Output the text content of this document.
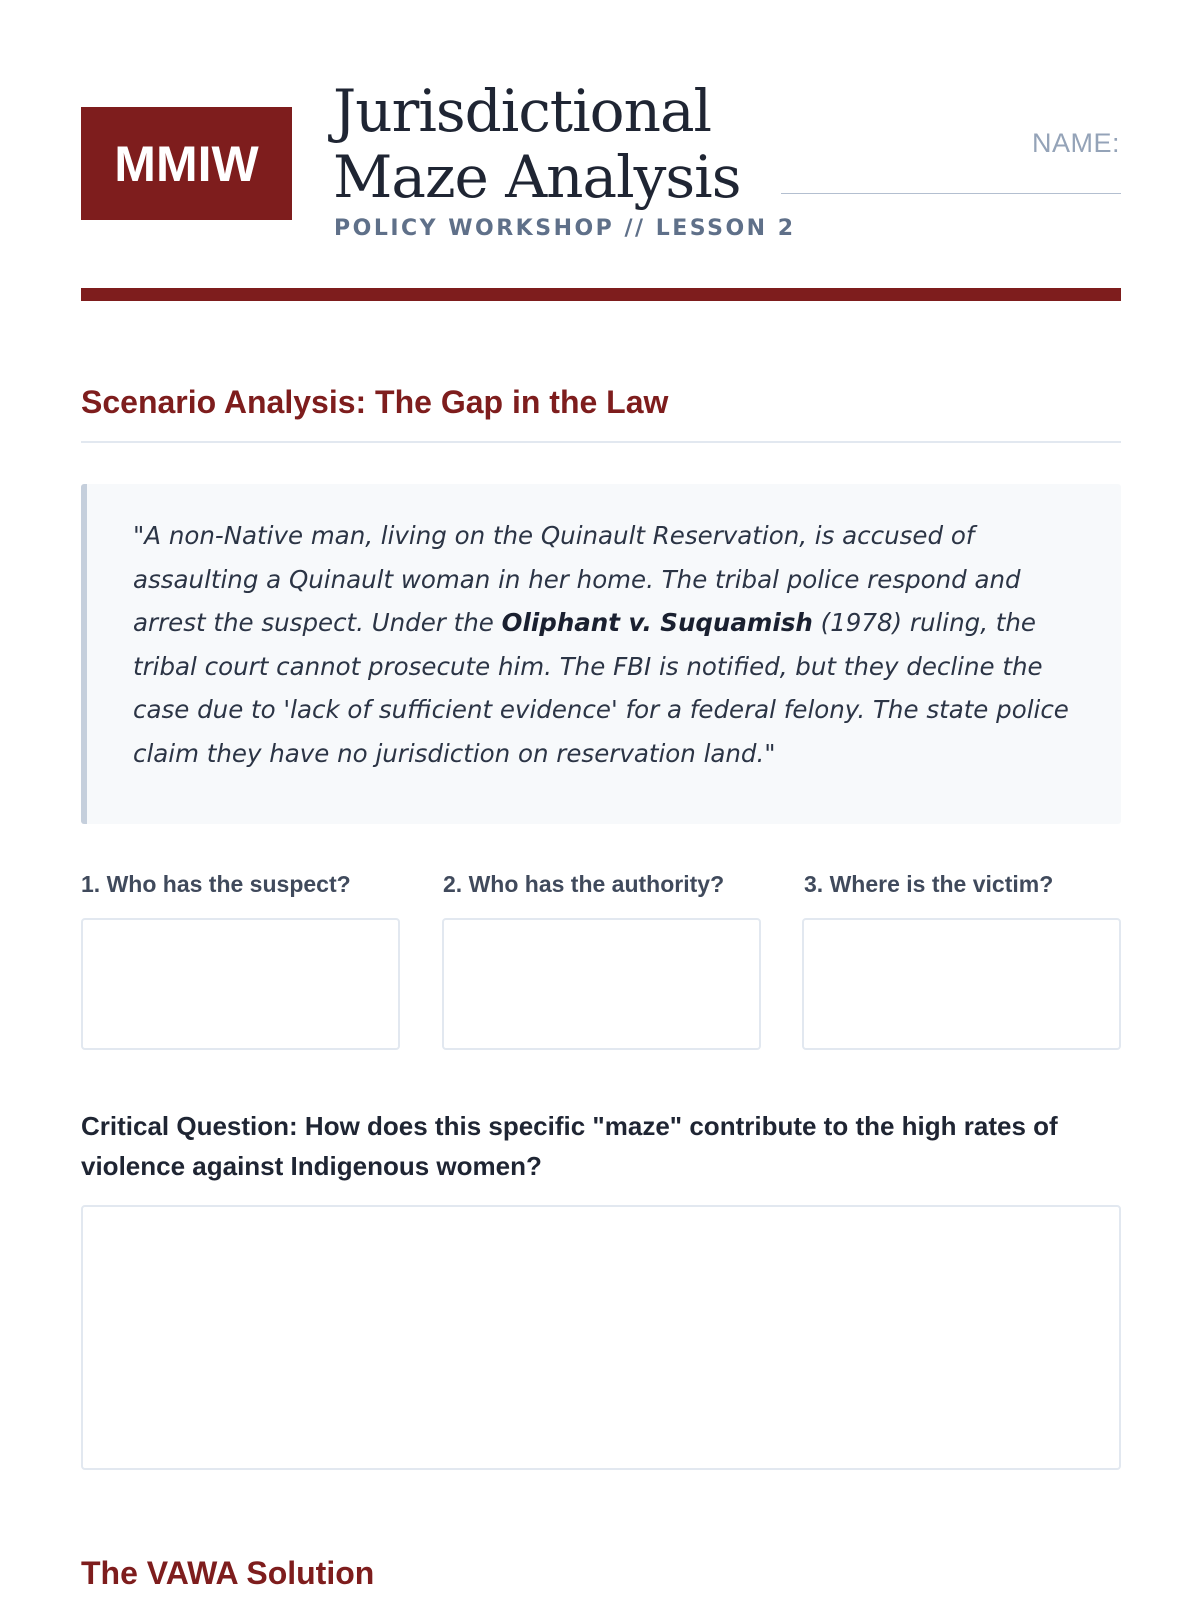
MMIW
Jurisdictional
Maze Analysis
POLICY WORKSHOP // LESSON 2
NAME:
Scenario Analysis: The Gap in the Law
"A non-Native man, living on the Quinault Reservation, is accused of assaulting a Quinault woman in her home. The tribal police respond and arrest the suspect. Under the Oliphant v. Suquamish (1978) ruling, the tribal court cannot prosecute him. The FBI is notified, but they decline the case due to 'lack of sufficient evidence' for a federal felony. The state police claim they have no jurisdiction on reservation land."
1. Who has the suspect?	2. Who has the authority?	3. Where is the victim?
Critical Question: How does this specific "maze" contribute to the high rates of violence against Indigenous women?
The VAWA Solution
